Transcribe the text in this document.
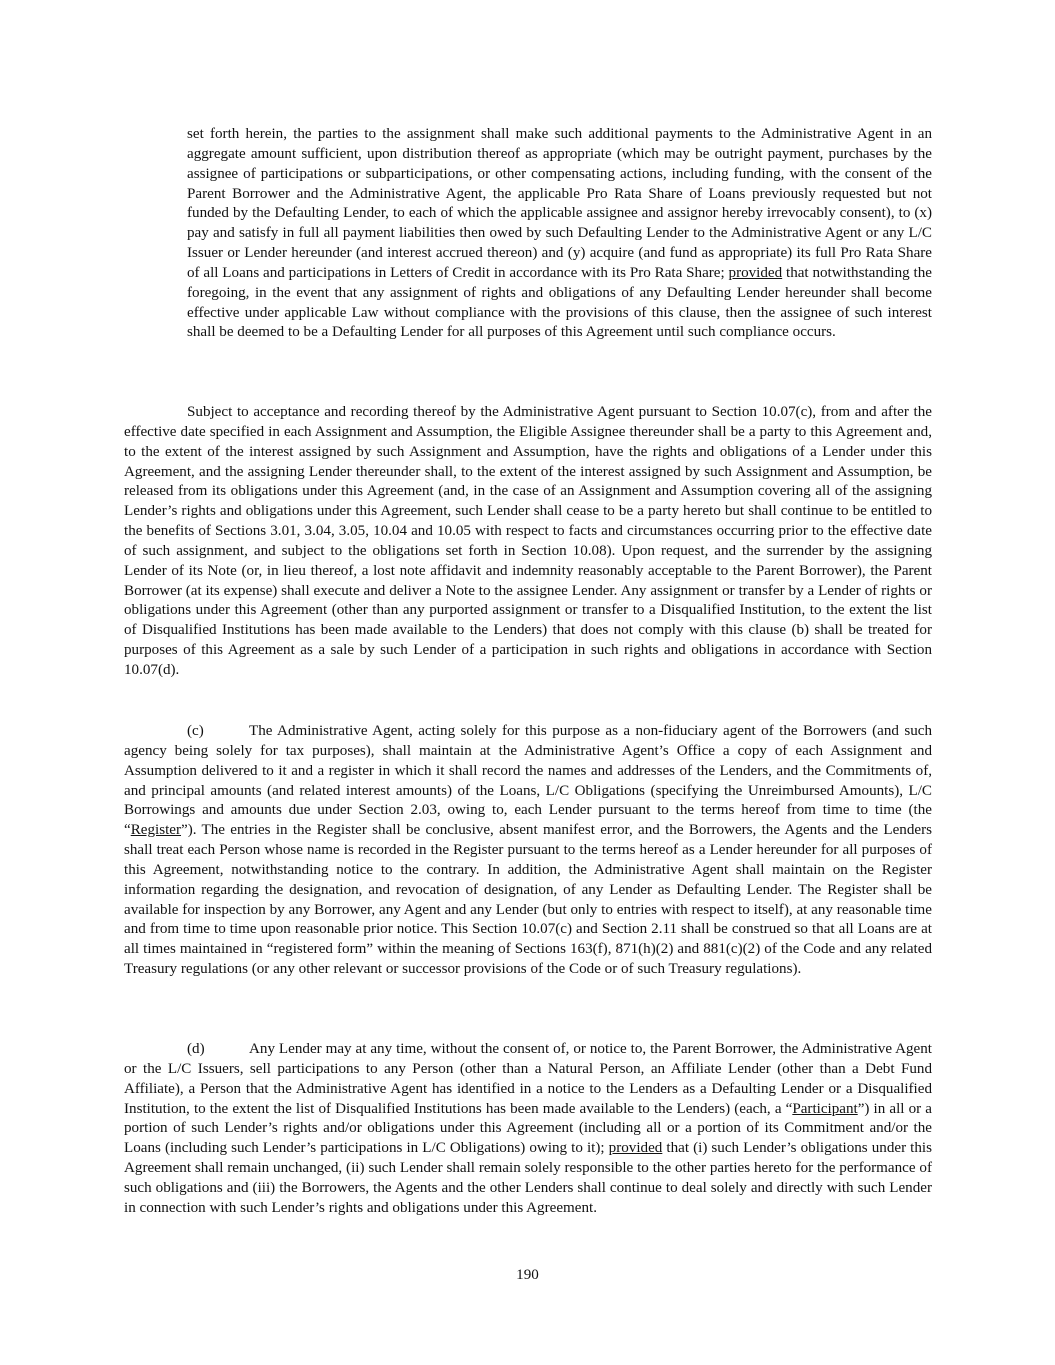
set forth herein, the parties to the assignment shall make such additional payments to the Administrative Agent in an aggregate amount sufficient, upon distribution thereof as appropriate (which may be outright payment, purchases by the assignee of participations or subparticipations, or other compensating actions, including funding, with the consent of the Parent Borrower and the Administrative Agent, the applicable Pro Rata Share of Loans previously requested but not funded by the Defaulting Lender, to each of which the applicable assignee and assignor hereby irrevocably consent), to (x) pay and satisfy in full all payment liabilities then owed by such Defaulting Lender to the Administrative Agent or any L/C Issuer or Lender hereunder (and interest accrued thereon) and (y) acquire (and fund as appropriate) its full Pro Rata Share of all Loans and participations in Letters of Credit in accordance with its Pro Rata Share; provided that notwithstanding the foregoing, in the event that any assignment of rights and obligations of any Defaulting Lender hereunder shall become effective under applicable Law without compliance with the provisions of this clause, then the assignee of such interest shall be deemed to be a Defaulting Lender for all purposes of this Agreement until such compliance occurs.

Subject to acceptance and recording thereof by the Administrative Agent pursuant to Section 10.07(c), from and after the effective date specified in each Assignment and Assumption, the Eligible Assignee thereunder shall be a party to this Agreement and, to the extent of the interest assigned by such Assignment and Assumption, have the rights and obligations of a Lender under this Agreement, and the assigning Lender thereunder shall, to the extent of the interest assigned by such Assignment and Assumption, be released from its obligations under this Agreement (and, in the case of an Assignment and Assumption covering all of the assigning Lender’s rights and obligations under this Agreement, such Lender shall cease to be a party hereto but shall continue to be entitled to the benefits of Sections 3.01, 3.04, 3.05, 10.04 and 10.05 with respect to facts and circumstances occurring prior to the effective date of such assignment, and subject to the obligations set forth in Section 10.08). Upon request, and the surrender by the assigning Lender of its Note (or, in lieu thereof, a lost note affidavit and indemnity reasonably acceptable to the Parent Borrower), the Parent Borrower (at its expense) shall execute and deliver a Note to the assignee Lender. Any assignment or transfer by a Lender of rights or obligations under this Agreement (other than any purported assignment or transfer to a Disqualified Institution, to the extent the list of Disqualified Institutions has been made available to the Lenders) that does not comply with this clause (b) shall be treated for purposes of this Agreement as a sale by such Lender of a participation in such rights and obligations in accordance with Section 10.07(d).

(c)	The Administrative Agent, acting solely for this purpose as a non-fiduciary agent of the Borrowers (and such agency being solely for tax purposes), shall maintain at the Administrative Agent’s Office a copy of each Assignment and Assumption delivered to it and a register in which it shall record the names and addresses of the Lenders, and the Commitments of, and principal amounts (and related interest amounts) of the Loans, L/C Obligations (specifying the Unreimbursed Amounts), L/C Borrowings and amounts due under Section 2.03, owing to, each Lender pursuant to the terms hereof from time to time (the “Register”). The entries in the Register shall be conclusive, absent manifest error, and the Borrowers, the Agents and the Lenders shall treat each Person whose name is recorded in the Register pursuant to the terms hereof as a Lender hereunder for all purposes of this Agreement, notwithstanding notice to the contrary. In addition, the Administrative Agent shall maintain on the Register information regarding the designation, and revocation of designation, of any Lender as Defaulting Lender. The Register shall be available for inspection by any Borrower, any Agent and any Lender (but only to entries with respect to itself), at any reasonable time and from time to time upon reasonable prior notice. This Section 10.07(c) and Section 2.11 shall be construed so that all Loans are at all times maintained in “registered form” within the meaning of Sections 163(f), 871(h)(2) and 881(c)(2) of the Code and any related Treasury regulations (or any other relevant or successor provisions of the Code or of such Treasury regulations).

(d)	Any Lender may at any time, without the consent of, or notice to, the Parent Borrower, the Administrative Agent or the L/C Issuers, sell participations to any Person (other than a Natural Person, an Affiliate Lender (other than a Debt Fund Affiliate), a Person that the Administrative Agent has identified in a notice to the Lenders as a Defaulting Lender or a Disqualified Institution, to the extent the list of Disqualified Institutions has been made available to the Lenders) (each, a “Participant”) in all or a portion of such Lender’s rights and/or obligations under this Agreement (including all or a portion of its Commitment and/or the Loans (including such Lender’s participations in L/C Obligations) owing to it); provided that (i) such Lender’s obligations under this Agreement shall remain unchanged, (ii) such Lender shall remain solely responsible to the other parties hereto for the performance of such obligations and (iii) the Borrowers, the Agents and the other Lenders shall continue to deal solely and directly with such Lender in connection with such Lender’s rights and obligations under this Agreement.

190
